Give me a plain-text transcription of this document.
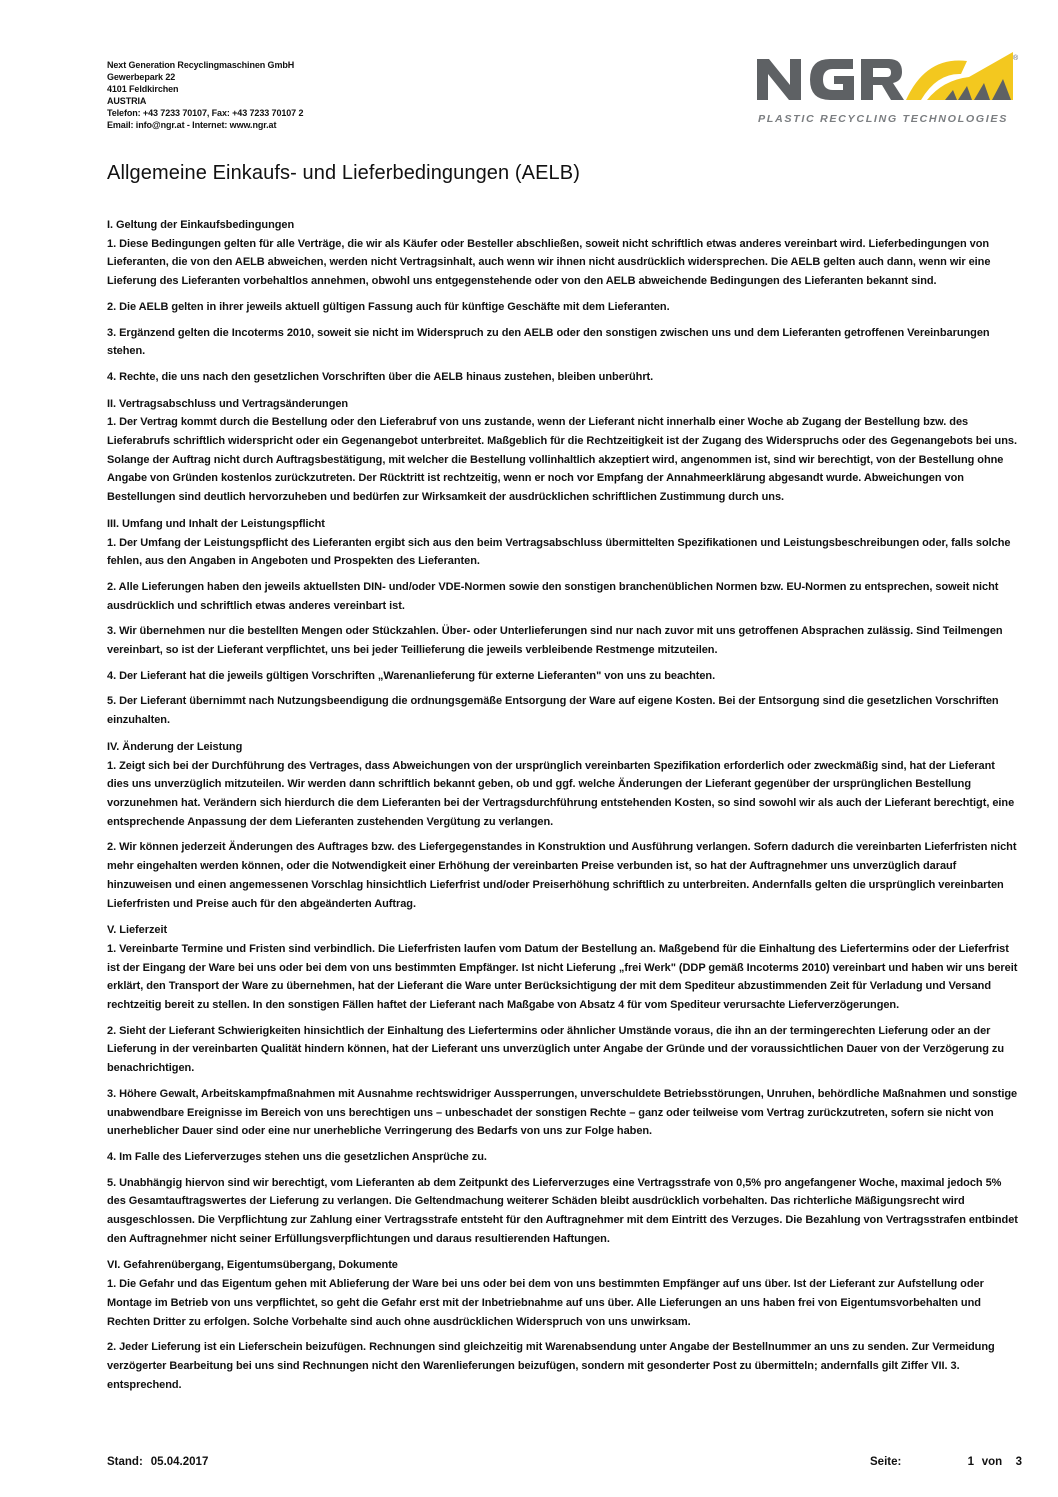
Next Generation Recyclingmaschinen GmbH
Gewerbepark 22
4101 Feldkirchen
AUSTRIA
Telefon: +43 7233 70107, Fax: +43 7233 70107 2
Email: info@ngr.at - Internet: www.ngr.at
®
PLASTIC RECYCLING TECHNOLOGIES
Allgemeine Einkaufs- und Lieferbedingungen (AELB)
I. Geltung der Einkaufsbedingungen

1. Diese Bedingungen gelten für alle Verträge, die wir als Käufer oder Besteller abschließen, soweit nicht schriftlich etwas anderes vereinbart wird. Lieferbedingungen von Lieferanten, die von den AELB abweichen, werden nicht Vertragsinhalt, auch wenn wir ihnen nicht ausdrücklich widersprechen. Die AELB gelten auch dann, wenn wir eine Lieferung des Lieferanten vorbehaltlos annehmen, obwohl uns entgegenstehende oder von den AELB abweichende Bedingungen des Lieferanten bekannt sind.

2. Die AELB gelten in ihrer jeweils aktuell gültigen Fassung auch für künftige Geschäfte mit dem Lieferanten.

3. Ergänzend gelten die Incoterms 2010, soweit sie nicht im Widerspruch zu den AELB oder den sonstigen zwischen uns und dem Lieferanten getroffenen Vereinbarungen stehen.

4. Rechte, die uns nach den gesetzlichen Vorschriften über die AELB hinaus zustehen, bleiben unberührt.

II. Vertragsabschluss und Vertragsänderungen

1. Der Vertrag kommt durch die Bestellung oder den Lieferabruf von uns zustande, wenn der Lieferant nicht innerhalb einer Woche ab Zugang der Bestellung bzw. des Lieferabrufs schriftlich widerspricht oder ein Gegenangebot unterbreitet. Maßgeblich für die Rechtzeitigkeit ist der Zugang des Widerspruchs oder des Gegenangebots bei uns. Solange der Auftrag nicht durch Auftragsbestätigung, mit welcher die Bestellung vollinhaltlich akzeptiert wird, angenommen ist, sind wir berechtigt, von der Bestellung ohne Angabe von Gründen kostenlos zurückzutreten. Der Rücktritt ist rechtzeitig, wenn er noch vor Empfang der Annahmeerklärung abgesandt wurde. Abweichungen von Bestellungen sind deutlich hervorzuheben und bedürfen zur Wirksamkeit der ausdrücklichen schriftlichen Zustimmung durch uns.

III. Umfang und Inhalt der Leistungspflicht

1. Der Umfang der Leistungspflicht des Lieferanten ergibt sich aus den beim Vertragsabschluss übermittelten Spezifikationen und Leistungsbeschreibungen oder, falls solche fehlen, aus den Angaben in Angeboten und Prospekten des Lieferanten.

2. Alle Lieferungen haben den jeweils aktuellsten DIN- und/oder VDE-Normen sowie den sonstigen branchenüblichen Normen bzw. EU-Normen zu entsprechen, soweit nicht ausdrücklich und schriftlich etwas anderes vereinbart ist.

3. Wir übernehmen nur die bestellten Mengen oder Stückzahlen. Über- oder Unterlieferungen sind nur nach zuvor mit uns getroffenen Absprachen zulässig. Sind Teilmengen vereinbart, so ist der Lieferant verpflichtet, uns bei jeder Teillieferung die jeweils verbleibende Restmenge mitzuteilen.

4. Der Lieferant hat die jeweils gültigen Vorschriften „Warenanlieferung für externe Lieferanten" von uns zu beachten.

5. Der Lieferant übernimmt nach Nutzungsbeendigung die ordnungsgemäße Entsorgung der Ware auf eigene Kosten. Bei der Entsorgung sind die gesetzlichen Vorschriften einzuhalten.

IV. Änderung der Leistung

1. Zeigt sich bei der Durchführung des Vertrages, dass Abweichungen von der ursprünglich vereinbarten Spezifikation erforderlich oder zweckmäßig sind, hat der Lieferant dies uns unverzüglich mitzuteilen. Wir werden dann schriftlich bekannt geben, ob und ggf. welche Änderungen der Lieferant gegenüber der ursprünglichen Bestellung vorzunehmen hat. Verändern sich hierdurch die dem Lieferanten bei der Vertragsdurchführung entstehenden Kosten, so sind sowohl wir als auch der Lieferant berechtigt, eine entsprechende Anpassung der dem Lieferanten zustehenden Vergütung zu verlangen.

2. Wir können jederzeit Änderungen des Auftrages bzw. des Liefergegenstandes in Konstruktion und Ausführung verlangen. Sofern dadurch die vereinbarten Lieferfristen nicht mehr eingehalten werden können, oder die Notwendigkeit einer Erhöhung der vereinbarten Preise verbunden ist, so hat der Auftragnehmer uns unverzüglich darauf hinzuweisen und einen angemessenen Vorschlag hinsichtlich Lieferfrist und/oder Preiserhöhung schriftlich zu unterbreiten. Andernfalls gelten die ursprünglich vereinbarten Lieferfristen und Preise auch für den abgeänderten Auftrag.

V. Lieferzeit

1. Vereinbarte Termine und Fristen sind verbindlich. Die Lieferfristen laufen vom Datum der Bestellung an. Maßgebend für die Einhaltung des Liefertermins oder der Lieferfrist ist der Eingang der Ware bei uns oder bei dem von uns bestimmten Empfänger. Ist nicht Lieferung „frei Werk" (DDP gemäß Incoterms 2010) vereinbart und haben wir uns bereit erklärt, den Transport der Ware zu übernehmen, hat der Lieferant die Ware unter Berücksichtigung der mit dem Spediteur abzustimmenden Zeit für Verladung und Versand rechtzeitig bereit zu stellen. In den sonstigen Fällen haftet der Lieferant nach Maßgabe von Absatz 4 für vom Spediteur verursachte Lieferverzögerungen.

2. Sieht der Lieferant Schwierigkeiten hinsichtlich der Einhaltung des Liefertermins oder ähnlicher Umstände voraus, die ihn an der termingerechten Lieferung oder an der Lieferung in der vereinbarten Qualität hindern können, hat der Lieferant uns unverzüglich unter Angabe der Gründe und der voraussichtlichen Dauer von der Verzögerung zu benachrichtigen.

3. Höhere Gewalt, Arbeitskampfmaßnahmen mit Ausnahme rechtswidriger Aussperrungen, unverschuldete Betriebsstörungen, Unruhen, behördliche Maßnahmen und sonstige unabwendbare Ereignisse im Bereich von uns berechtigen uns – unbeschadet der sonstigen Rechte – ganz oder teilweise vom Vertrag zurückzutreten, sofern sie nicht von unerheblicher Dauer sind oder eine nur unerhebliche Verringerung des Bedarfs von uns zur Folge haben.

4. Im Falle des Lieferverzuges stehen uns die gesetzlichen Ansprüche zu.

5. Unabhängig hiervon sind wir berechtigt, vom Lieferanten ab dem Zeitpunkt des Lieferverzuges eine Vertragsstrafe von 0,5% pro angefangener Woche, maximal jedoch 5% des Gesamtauftragswertes der Lieferung zu verlangen. Die Geltendmachung weiterer Schäden bleibt ausdrücklich vorbehalten. Das richterliche Mäßigungsrecht wird ausgeschlossen. Die Verpflichtung zur Zahlung einer Vertragsstrafe entsteht für den Auftragnehmer mit dem Eintritt des Verzuges. Die Bezahlung von Vertragsstrafen entbindet den Auftragnehmer nicht seiner Erfüllungsverpflichtungen und daraus resultierenden Haftungen.

VI. Gefahrenübergang, Eigentumsübergang, Dokumente

1. Die Gefahr und das Eigentum gehen mit Ablieferung der Ware bei uns oder bei dem von uns bestimmten Empfänger auf uns über. Ist der Lieferant zur Aufstellung oder Montage im Betrieb von uns verpflichtet, so geht die Gefahr erst mit der Inbetriebnahme auf uns über. Alle Lieferungen an uns haben frei von Eigentumsvorbehalten und Rechten Dritter zu erfolgen. Solche Vorbehalte sind auch ohne ausdrücklichen Widerspruch von uns unwirksam.

2. Jeder Lieferung ist ein Lieferschein beizufügen. Rechnungen sind gleichzeitig mit Warenabsendung unter Angabe der Bestellnummer an uns zu senden. Zur Vermeidung verzögerter Bearbeitung bei uns sind Rechnungen nicht den Warenlieferungen beizufügen, sondern mit gesonderter Post zu übermitteln; andernfalls gilt Ziffer VII. 3. entsprechend.

Stand: 05.04.2017	Seite:	1 von 3
